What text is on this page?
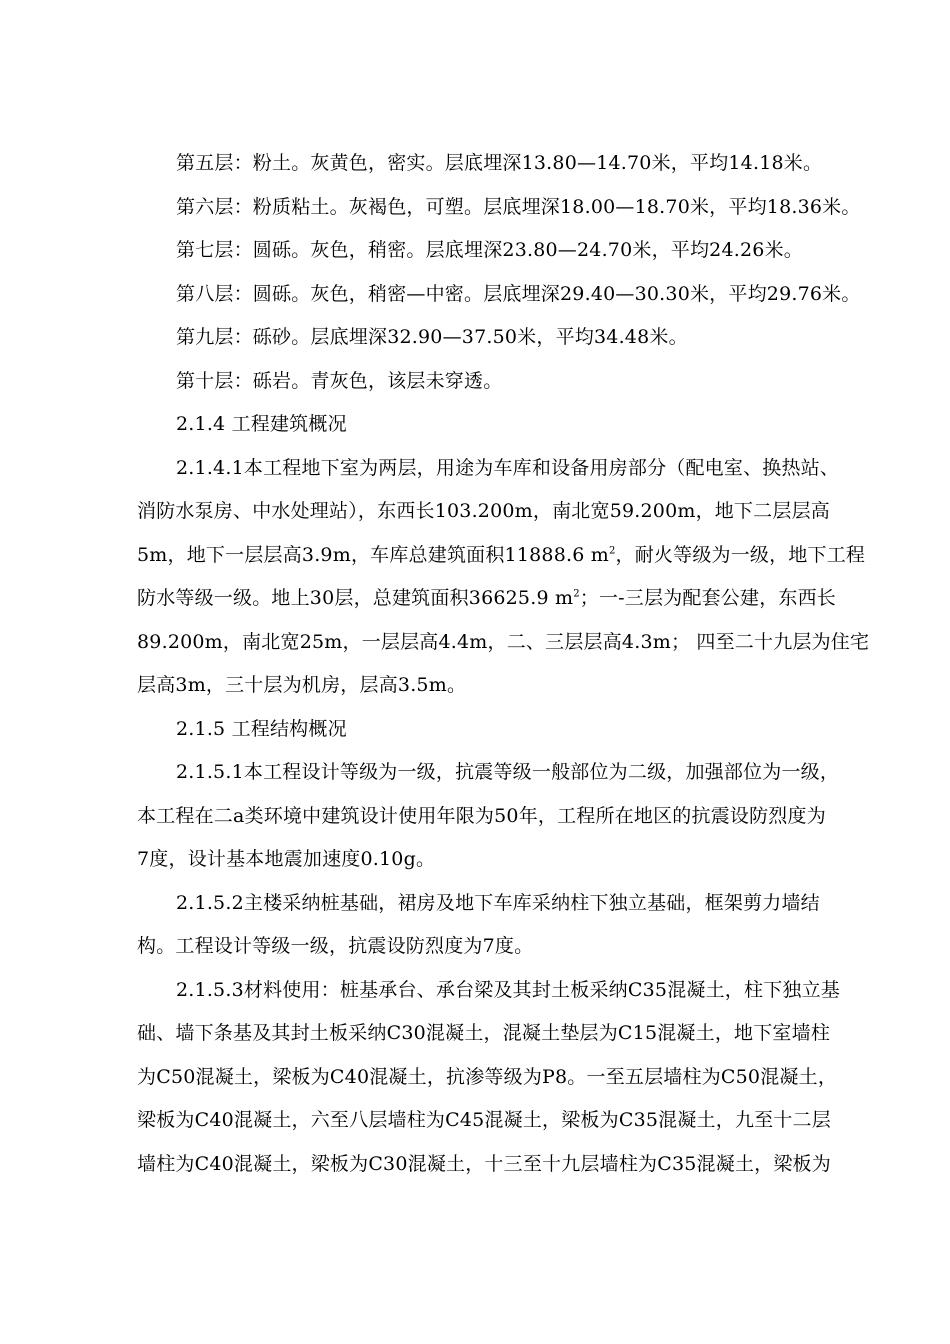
第五层：粉土。灰黄色，密实。层底埋深13.80—14.70米，平均14.18米。
第六层：粉质粘土。灰褐色，可塑。层底埋深18.00—18.70米，平均18.36米。
第七层：圆砾。灰色，稍密。层底埋深23.80—24.70米，平均24.26米。
第八层：圆砾。灰色，稍密—中密。层底埋深29.40—30.30米，平均29.76米。
第九层：砾砂。层底埋深32.90—37.50米，平均34.48米。
第十层：砾岩。青灰色，该层未穿透。
2.1.4 工程建筑概况
2.1.4.1本工程地下室为两层，用途为车库和设备用房部分（配电室、换热站、
消防水泵房、中水处理站），东西长103.200m，南北宽59.200m，地下二层层高
5m，地下一层层高3.9m，车库总建筑面积11888.6 $m^2$，耐火等级为一级，地下工程
防水等级一级。地上30层，总建筑面积36625.9 $m^2$；一-三层为配套公建，东西长
89.200m，南北宽25m，一层层高4.4m，二、三层层高4.3m； 四至二十九层为住宅
层高3m，三十层为机房，层高3.5m。
2.1.5 工程结构概况
2.1.5.1本工程设计等级为一级，抗震等级一般部位为二级，加强部位为一级，
本工程在二a类环境中建筑设计使用年限为50年，工程所在地区的抗震设防烈度为
7度，设计基本地震加速度0.10g。
2.1.5.2主楼采纳桩基础，裙房及地下车库采纳柱下独立基础，框架剪力墙结
构。工程设计等级一级，抗震设防烈度为7度。
2.1.5.3材料使用：桩基承台、承台梁及其封土板采纳C35混凝土，柱下独立基
础、墙下条基及其封土板采纳C30混凝土，混凝土垫层为C15混凝土，地下室墙柱
为C50混凝土，梁板为C40混凝土，抗渗等级为P8。一至五层墙柱为C50混凝土，
梁板为C40混凝土，六至八层墙柱为C45混凝土，梁板为C35混凝土，九至十二层
墙柱为C40混凝土，梁板为C30混凝土，十三至十九层墙柱为C35混凝土，梁板为
